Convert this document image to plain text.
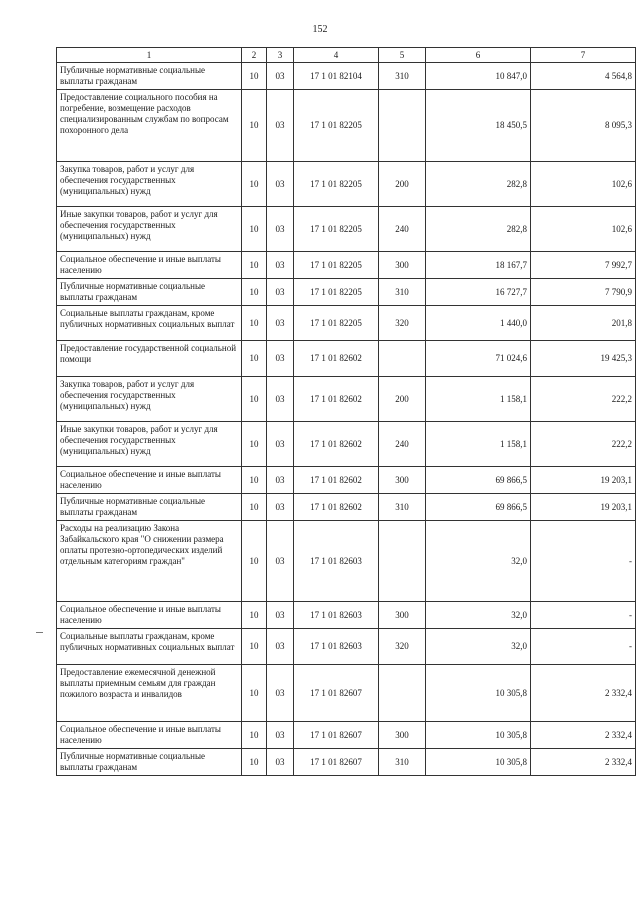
152
1	2	3	4	5	6	7
Публичные нормативные социальные выплаты гражданам	10	03	17 1 01 82104	310	10 847,0	4 564,8
Предоставление социального пособия на погребение, возмещение расходов специализированным службам по вопросам похоронного дела	10	03	17 1 01 82205		18 450,5	8 095,3
Закупка товаров, работ и услуг для обеспечения государственных (муниципальных) нужд	10	03	17 1 01 82205	200	282,8	102,6
Иные закупки товаров, работ и услуг для обеспечения государственных (муниципальных) нужд	10	03	17 1 01 82205	240	282,8	102,6
Социальное обеспечение и иные выплаты населению	10	03	17 1 01 82205	300	18 167,7	7 992,7
Публичные нормативные социальные выплаты гражданам	10	03	17 1 01 82205	310	16 727,7	7 790,9
Социальные выплаты гражданам, кроме публичных нормативных социальных выплат	10	03	17 1 01 82205	320	1 440,0	201,8
Предоставление государственной социальной помощи	10	03	17 1 01 82602		71 024,6	19 425,3
Закупка товаров, работ и услуг для обеспечения государственных (муниципальных) нужд	10	03	17 1 01 82602	200	1 158,1	222,2
Иные закупки товаров, работ и услуг для обеспечения государственных (муниципальных) нужд	10	03	17 1 01 82602	240	1 158,1	222,2
Социальное обеспечение и иные выплаты населению	10	03	17 1 01 82602	300	69 866,5	19 203,1
Публичные нормативные социальные выплаты гражданам	10	03	17 1 01 82602	310	69 866,5	19 203,1
Расходы на реализацию Закона Забайкальского края "О снижении размера оплаты протезно-ортопедических изделий отдельным категориям граждан"	10	03	17 1 01 82603		32,0	-
Социальное обеспечение и иные выплаты населению	10	03	17 1 01 82603	300	32,0	-
Социальные выплаты гражданам, кроме публичных нормативных социальных выплат	10	03	17 1 01 82603	320	32,0	-
Предоставление ежемесячной денежной выплаты приемным семьям для граждан пожилого возраста и инвалидов	10	03	17 1 01 82607		10 305,8	2 332,4
Социальное обеспечение и иные выплаты населению	10	03	17 1 01 82607	300	10 305,8	2 332,4
Публичные нормативные социальные выплаты гражданам	10	03	17 1 01 82607	310	10 305,8	2 332,4
